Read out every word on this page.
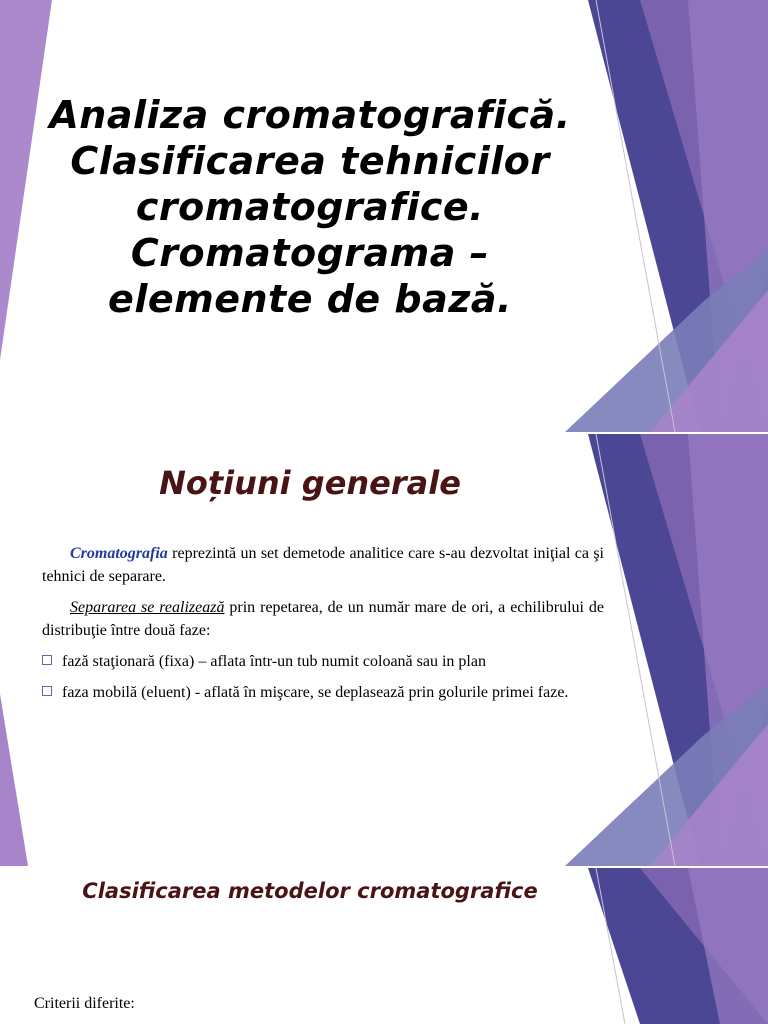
Analiza cromatografică.
Clasificarea tehnicilor
cromatografice.
Cromatograma –
elemente de bază.
Noțiuni generale

Cromatografia reprezintă un set demetode analitice care s-au dezvoltat iniţial ca şi tehnici de separare.

Separarea se realizează prin repetarea, de un număr mare de ori, a echilibrului de distribuţie între două faze:

fază staţionară (fixa) – aflata într-un tub numit coloană sau in plan
faza mobilă (eluent) - aflată în mişcare, se deplasează prin golurile primei faze.
Clasificarea metodelor cromatografice

Criterii diferite:
